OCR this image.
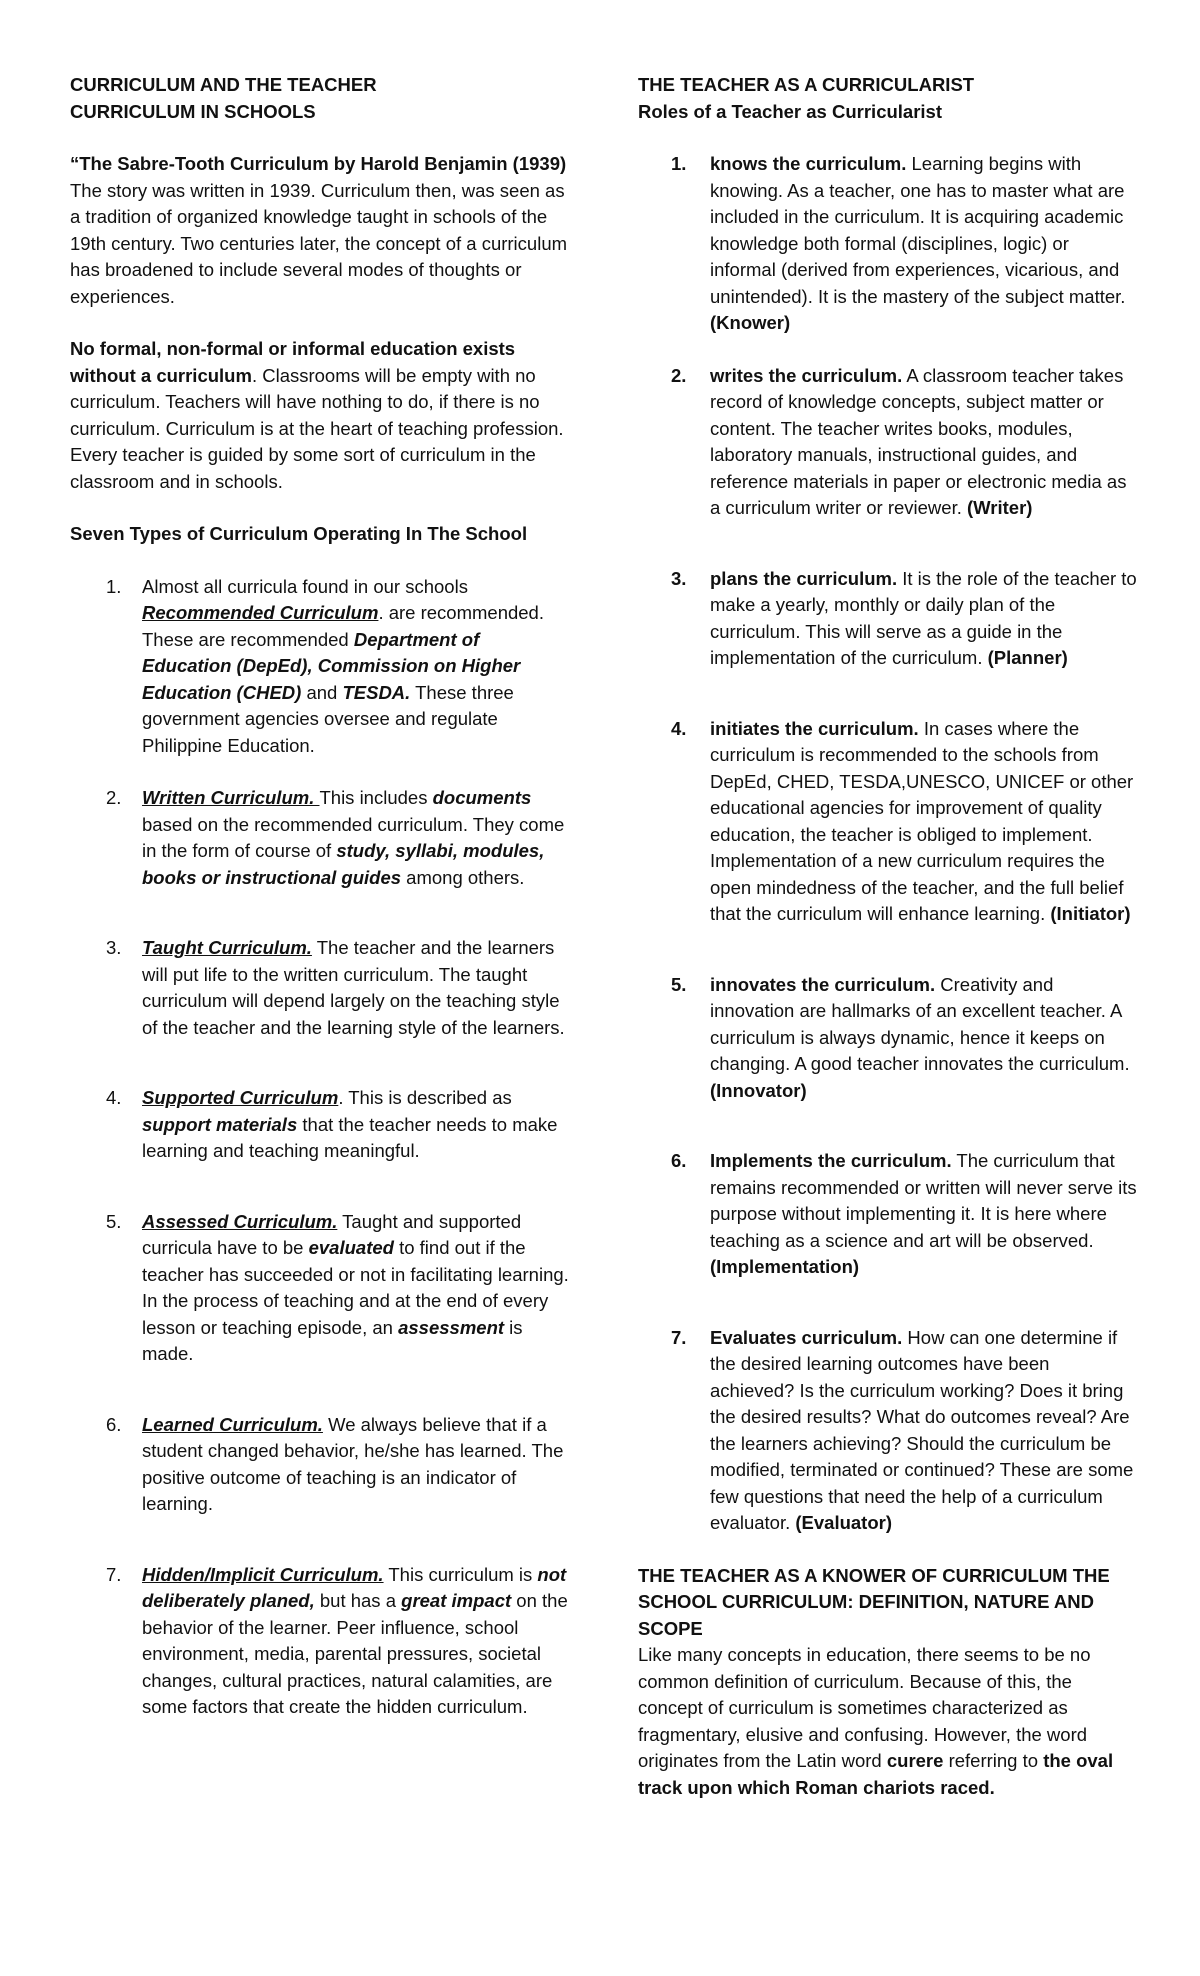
CURRICULUM AND THE TEACHER

CURRICULUM IN SCHOOLS

“The Sabre-Tooth Curriculum by Harold Benjamin (1939)

The story was written in 1939. Curriculum then, was seen as a tradition of organized knowledge taught in schools of the 19th century. Two centuries later, the concept of a curriculum has broadened to include several modes of thoughts or experiences.

No formal, non-formal or informal education exists without a curriculum. Classrooms will be empty with no curriculum. Teachers will have nothing to do, if there is no curriculum. Curriculum is at the heart of teaching profession. Every teacher is guided by some sort of curriculum in the classroom and in schools.

Seven Types of Curriculum Operating In The School

1. Almost all curricula found in our schools Recommended Curriculum. are recommended. These are recommended Department of Education (DepEd), Commission on Higher Education (CHED) and TESDA. These three government agencies oversee and regulate Philippine Education.
2. Written Curriculum. This includes documents based on the recommended curriculum. They come in the form of course of study, syllabi, modules, books or instructional guides among others.
3. Taught Curriculum. The teacher and the learners will put life to the written curriculum. The taught curriculum will depend largely on the teaching style of the teacher and the learning style of the learners.
4. Supported Curriculum. This is described as support materials that the teacher needs to make learning and teaching meaningful.
5. Assessed Curriculum. Taught and supported curricula have to be evaluated to find out if the teacher has succeeded or not in facilitating learning. In the process of teaching and at the end of every lesson or teaching episode, an assessment is made.
6. Learned Curriculum. We always believe that if a student changed behavior, he/she has learned. The positive outcome of teaching is an indicator of learning.
7. Hidden/Implicit Curriculum. This curriculum is not deliberately planed, but has a great impact on the behavior of the learner. Peer influence, school environment, media, parental pressures, societal changes, cultural practices, natural calamities, are some factors that create the hidden curriculum.

THE TEACHER AS A CURRICULARIST

Roles of a Teacher as Curricularist

1. knows the curriculum. Learning begins with knowing. As a teacher, one has to master what are included in the curriculum. It is acquiring academic knowledge both formal (disciplines, logic) or informal (derived from experiences, vicarious, and unintended). It is the mastery of the subject matter. (Knower)
2. writes the curriculum. A classroom teacher takes record of knowledge concepts, subject matter or content. The teacher writes books, modules, laboratory manuals, instructional guides, and reference materials in paper or electronic media as a curriculum writer or reviewer. (Writer)
3. plans the curriculum. It is the role of the teacher to make a yearly, monthly or daily plan of the curriculum. This will serve as a guide in the implementation of the curriculum. (Planner)
4. initiates the curriculum. In cases where the curriculum is recommended to the schools from DepEd, CHED, TESDA,UNESCO, UNICEF or other educational agencies for improvement of quality education, the teacher is obliged to implement. Implementation of a new curriculum requires the open mindedness of the teacher, and the full belief that the curriculum will enhance learning. (Initiator)
5. innovates the curriculum. Creativity and innovation are hallmarks of an excellent teacher. A curriculum is always dynamic, hence it keeps on changing. A good teacher innovates the curriculum. (Innovator)
6. Implements the curriculum. The curriculum that remains recommended or written will never serve its purpose without implementing it. It is here where teaching as a science and art will be observed. (Implementation)
7. Evaluates curriculum. How can one determine if the desired learning outcomes have been achieved? Is the curriculum working? Does it bring the desired results? What do outcomes reveal? Are the learners achieving? Should the curriculum be modified, terminated or continued? These are some few questions that need the help of a curriculum evaluator. (Evaluator)

THE TEACHER AS A KNOWER OF CURRICULUM THE SCHOOL CURRICULUM: DEFINITION, NATURE AND SCOPE

Like many concepts in education, there seems to be no common definition of curriculum. Because of this, the concept of curriculum is sometimes characterized as fragmentary, elusive and confusing. However, the word originates from the Latin word curere referring to the oval track upon which Roman chariots raced.
